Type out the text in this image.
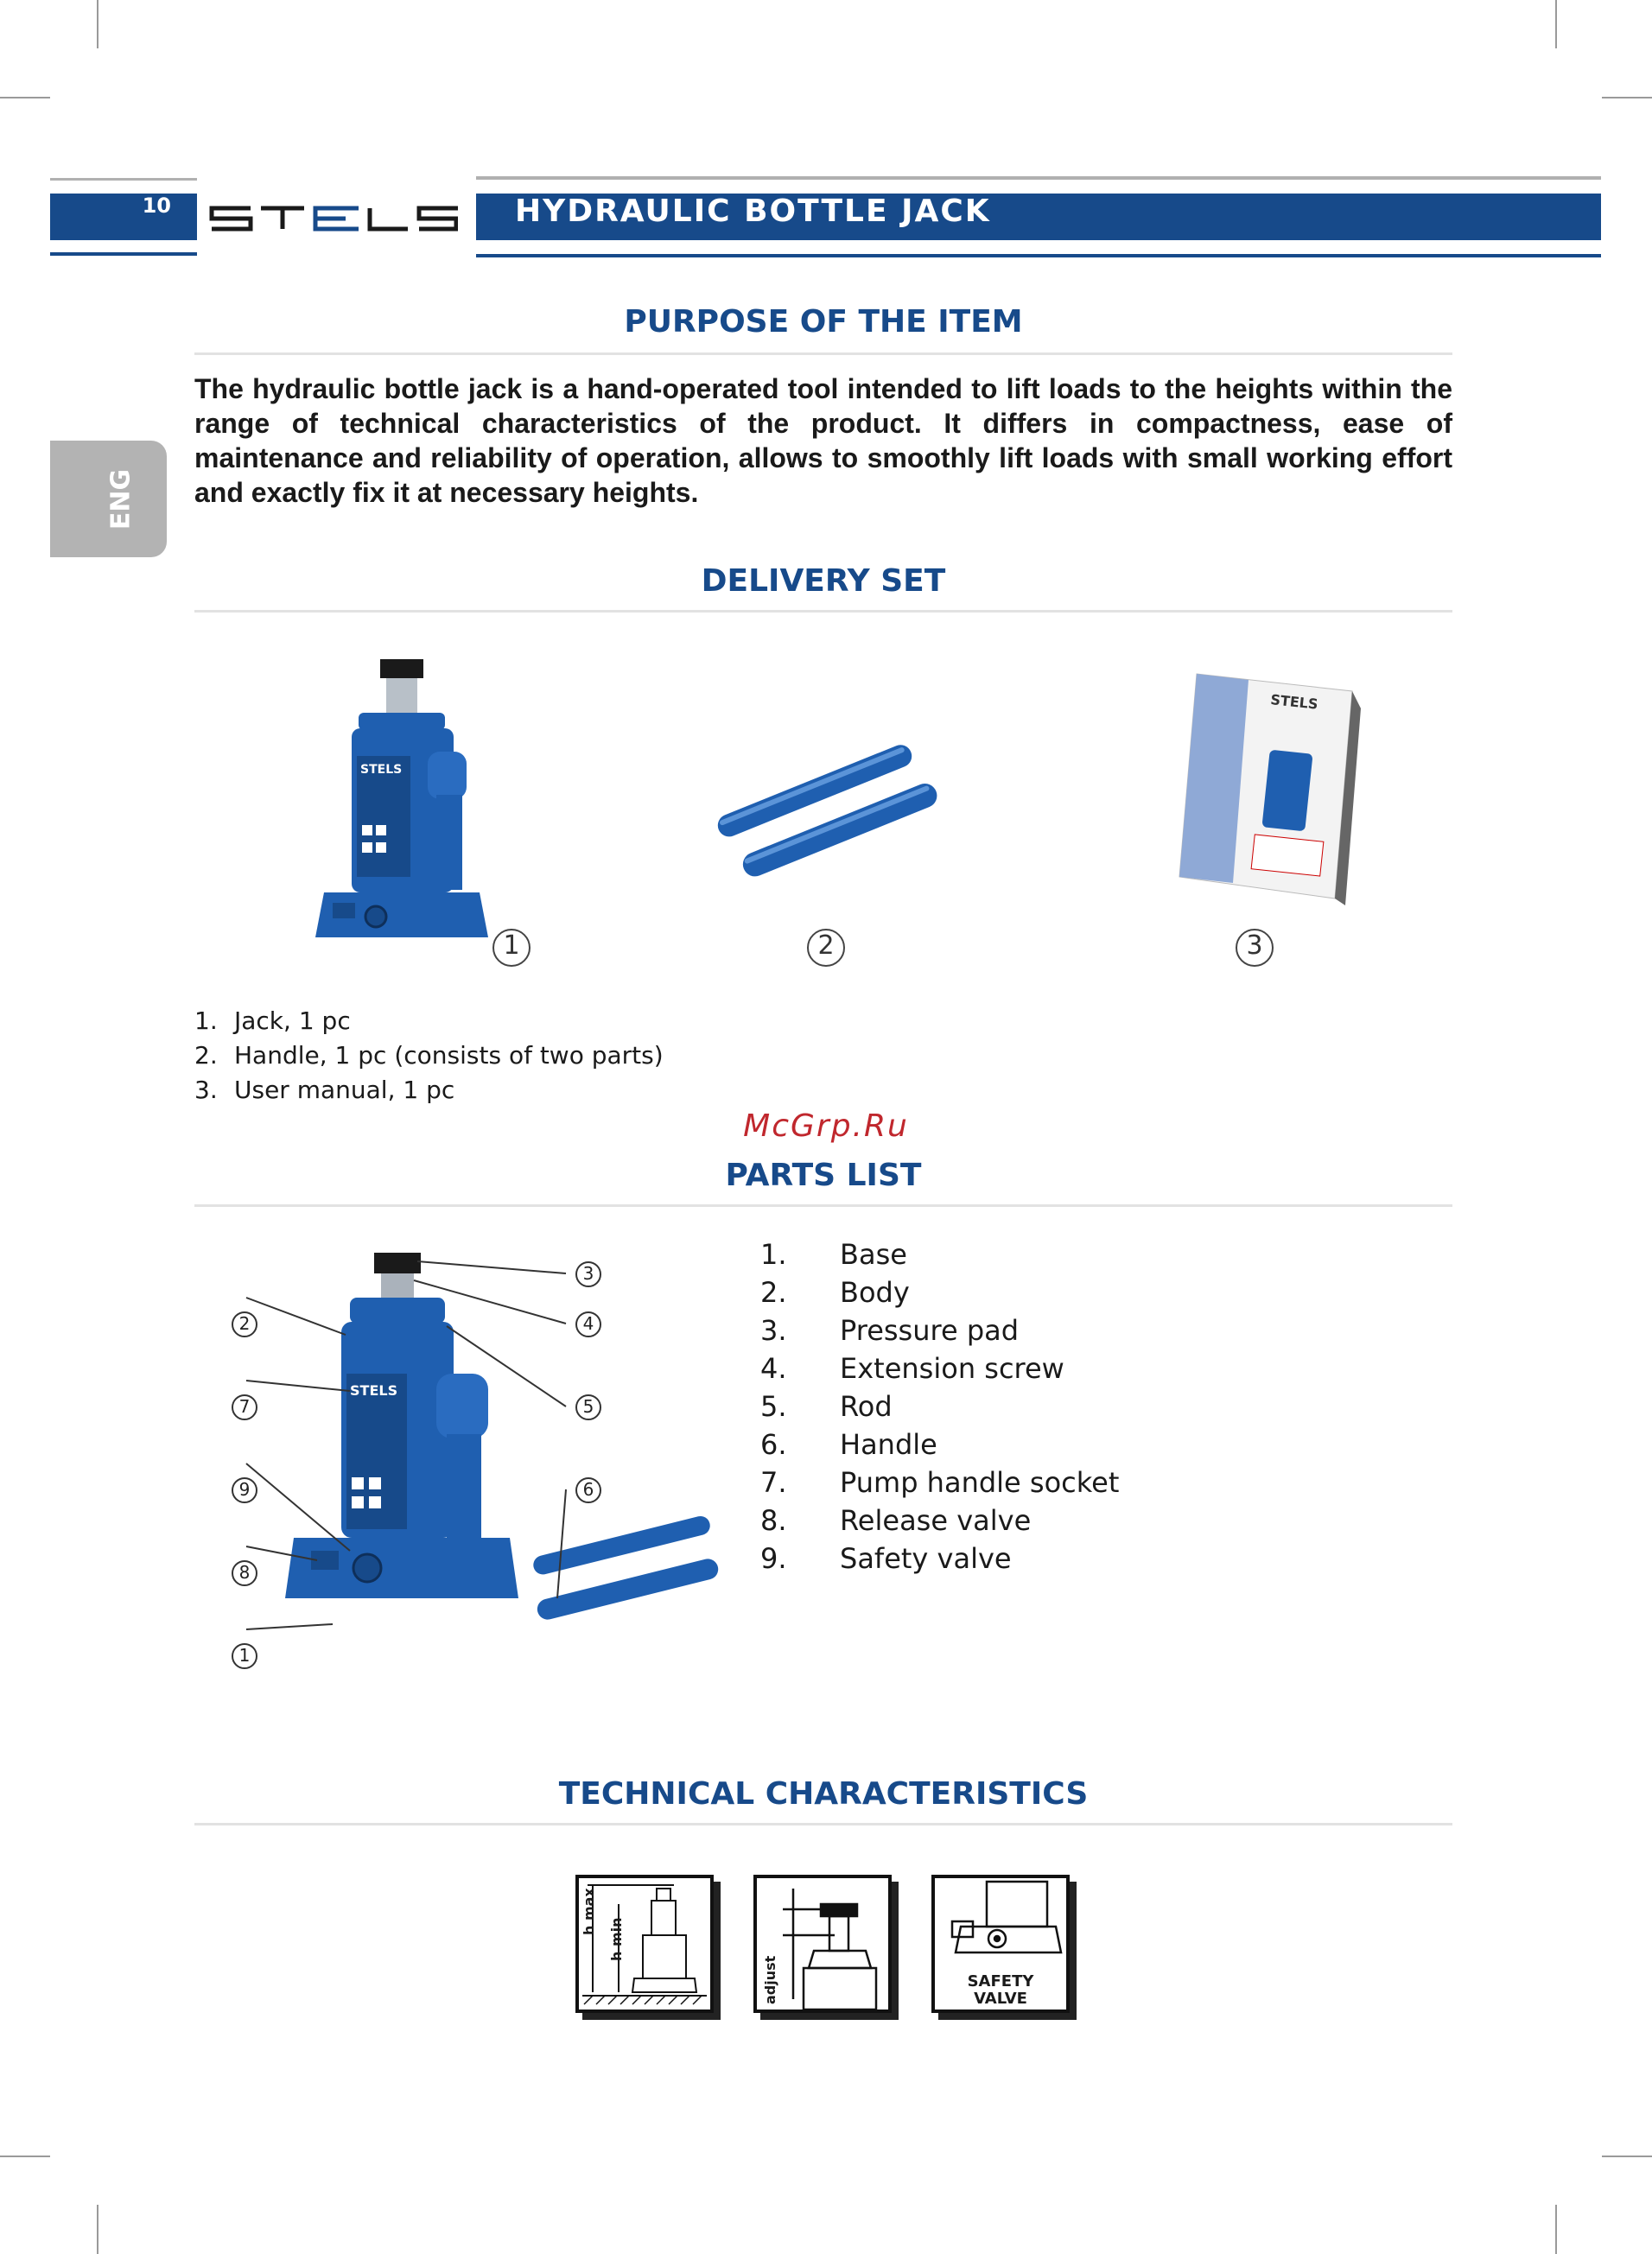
10	HYDRAULIC BOTTLE JACK
ENG
PURPOSE OF THE ITEM

The hydraulic bottle jack is a hand-operated tool intended to lift loads to the heights within the range of technical characteristics of the product. It differs in compactness, ease of maintenance and reliability of operation, allows to smoothly lift loads with small working effort and exactly fix it at necessary heights.

DELIVERY SET
STELS
1	2
STELS
3
1. Jack, 1 pc
2. Handle, 1 pc (consists of two parts)
3. User manual, 1 pc
McGrp.Ru
PARTS LIST
STELS
2
7
9
8
1
3
4
5
6
1. Base
2. Body
3. Pressure pad
4. Extension screw
5. Rod
6. Handle
7. Pump handle socket
8. Release valve
9. Safety valve
TECHNICAL CHARACTERISTICS
h max
h min
adjust	SAFETY
VALVE
